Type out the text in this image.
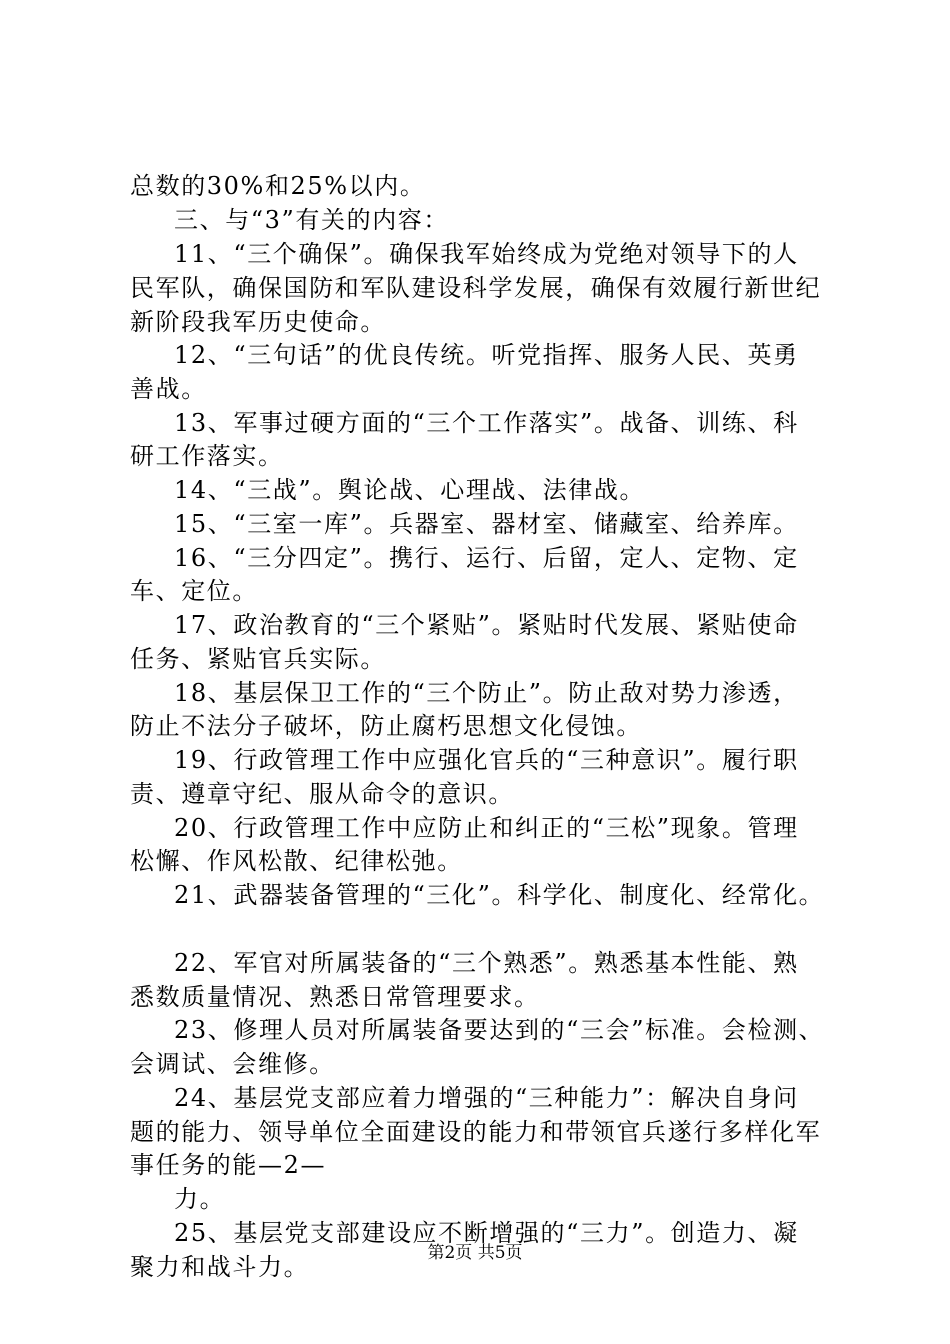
总数的30%和25%以内。
三、与“3”有关的内容：
11、“三个确保”。确保我军始终成为党绝对领导下的人
民军队，确保国防和军队建设科学发展，确保有效履行新世纪
新阶段我军历史使命。
12、“三句话”的优良传统。听党指挥、服务人民、英勇
善战。
13、军事过硬方面的“三个工作落实”。战备、训练、科
研工作落实。
14、“三战”。舆论战、心理战、法律战。
15、“三室一库”。兵器室、器材室、储藏室、给养库。
16、“三分四定”。携行、运行、后留，定人、定物、定
车、定位。
17、政治教育的“三个紧贴”。紧贴时代发展、紧贴使命
任务、紧贴官兵实际。
18、基层保卫工作的“三个防止”。防止敌对势力渗透，
防止不法分子破坏，防止腐朽思想文化侵蚀。
19、行政管理工作中应强化官兵的“三种意识”。履行职
责、遵章守纪、服从命令的意识。
20、行政管理工作中应防止和纠正的“三松”现象。管理
松懈、作风松散、纪律松弛。
21、武器装备管理的“三化”。科学化、制度化、经常化。
22、军官对所属装备的“三个熟悉”。熟悉基本性能、熟
悉数质量情况、熟悉日常管理要求。
23、修理人员对所属装备要达到的“三会”标准。会检测、
会调试、会维修。
24、基层党支部应着力增强的“三种能力”：解决自身问
题的能力、领导单位全面建设的能力和带领官兵遂行多样化军
事任务的能—2—
力。
25、基层党支部建设应不断增强的“三力”。创造力、凝
聚力和战斗力。	第2页 共5页
